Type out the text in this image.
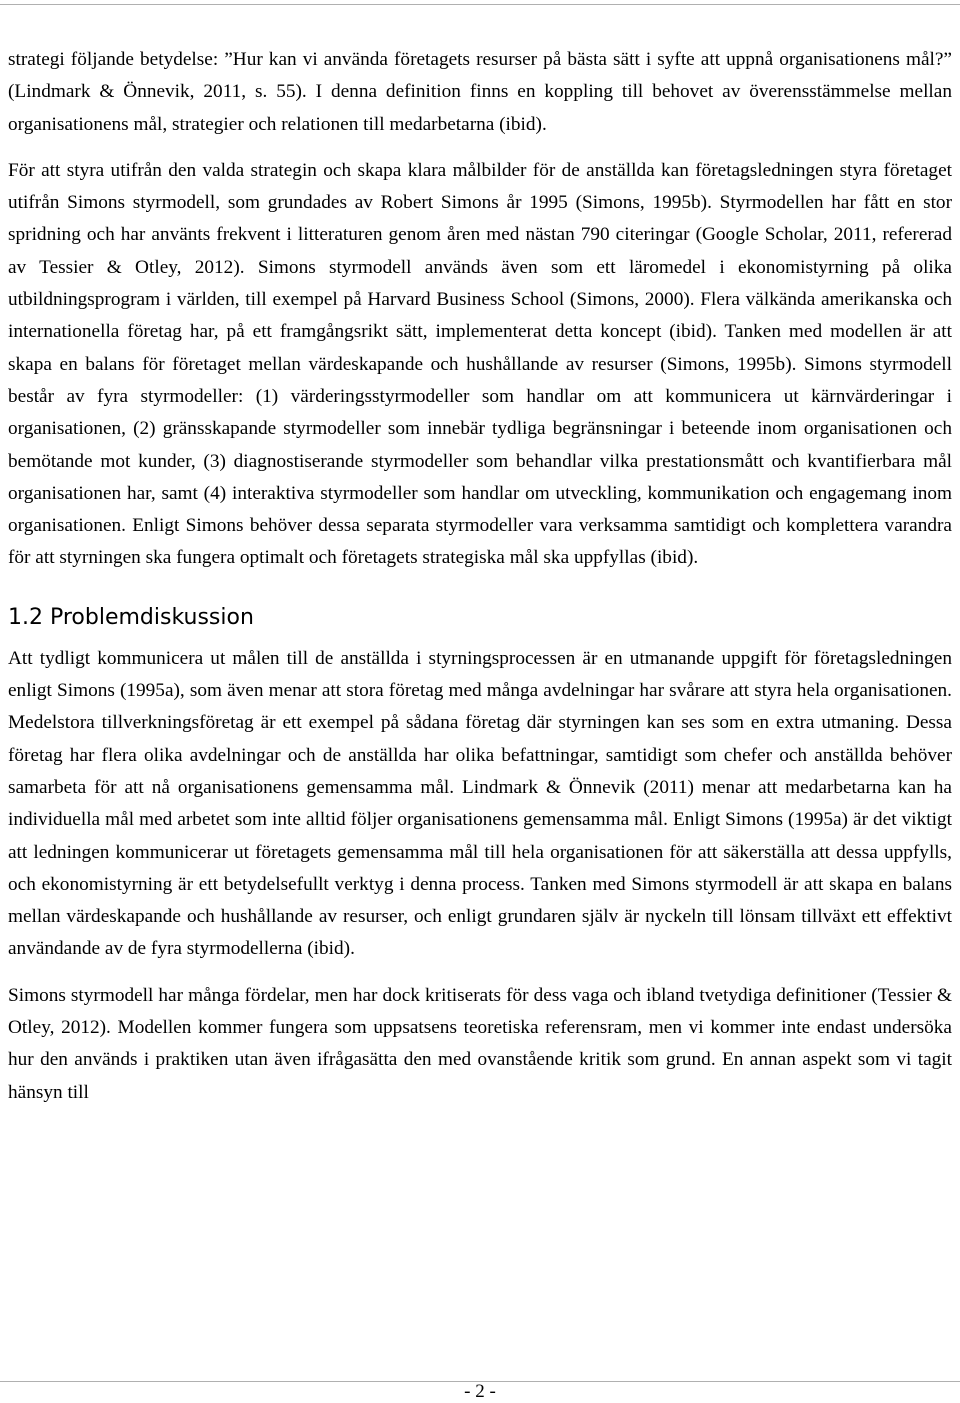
strategi följande betydelse: ”Hur kan vi använda företagets resurser på bästa sätt i syfte att uppnå organisationens mål?” (Lindmark & Önnevik, 2011, s. 55). I denna definition finns en koppling till behovet av överensstämmelse mellan organisationens mål, strategier och relationen till medarbetarna (ibid).

För att styra utifrån den valda strategin och skapa klara målbilder för de anställda kan företagsledningen styra företaget utifrån Simons styrmodell, som grundades av Robert Simons år 1995 (Simons, 1995b). Styrmodellen har fått en stor spridning och har använts frekvent i litteraturen genom åren med nästan 790 citeringar (Google Scholar, 2011, refererad av Tessier & Otley, 2012). Simons styrmodell används även som ett läromedel i ekonomistyrning på olika utbildningsprogram i världen, till exempel på Harvard Business School (Simons, 2000). Flera välkända amerikanska och internationella företag har, på ett framgångsrikt sätt, implementerat detta koncept (ibid). Tanken med modellen är att skapa en balans för företaget mellan värdeskapande och hushållande av resurser (Simons, 1995b). Simons styrmodell består av fyra styrmodeller: (1) värderingsstyrmodeller som handlar om att kommunicera ut kärnvärderingar i organisationen, (2) gränsskapande styrmodeller som innebär tydliga begränsningar i beteende inom organisationen och bemötande mot kunder, (3) diagnostiserande styrmodeller som behandlar vilka prestationsmått och kvantifierbara mål organisationen har, samt (4) interaktiva styrmodeller som handlar om utveckling, kommunikation och engagemang inom organisationen. Enligt Simons behöver dessa separata styrmodeller vara verksamma samtidigt och komplettera varandra för att styrningen ska fungera optimalt och företagets strategiska mål ska uppfyllas (ibid).

1.2 Problemdiskussion

Att tydligt kommunicera ut målen till de anställda i styrningsprocessen är en utmanande uppgift för företagsledningen enligt Simons (1995a), som även menar att stora företag med många avdelningar har svårare att styra hela organisationen. Medelstora tillverkningsföretag är ett exempel på sådana företag där styrningen kan ses som en extra utmaning. Dessa företag har flera olika avdelningar och de anställda har olika befattningar, samtidigt som chefer och anställda behöver samarbeta för att nå organisationens gemensamma mål. Lindmark & Önnevik (2011) menar att medarbetarna kan ha individuella mål med arbetet som inte alltid följer organisationens gemensamma mål. Enligt Simons (1995a) är det viktigt att ledningen kommunicerar ut företagets gemensamma mål till hela organisationen för att säkerställa att dessa uppfylls, och ekonomistyrning är ett betydelsefullt verktyg i denna process. Tanken med Simons styrmodell är att skapa en balans mellan värdeskapande och hushållande av resurser, och enligt grundaren själv är nyckeln till lönsam tillväxt ett effektivt användande av de fyra styrmodellerna (ibid).

Simons styrmodell har många fördelar, men har dock kritiserats för dess vaga och ibland tvetydiga definitioner (Tessier & Otley, 2012). Modellen kommer fungera som uppsatsens teoretiska referensram, men vi kommer inte endast undersöka hur den används i praktiken utan även ifrågasätta den med ovanstående kritik som grund. En annan aspekt som vi tagit hänsyn till

- 2 -
